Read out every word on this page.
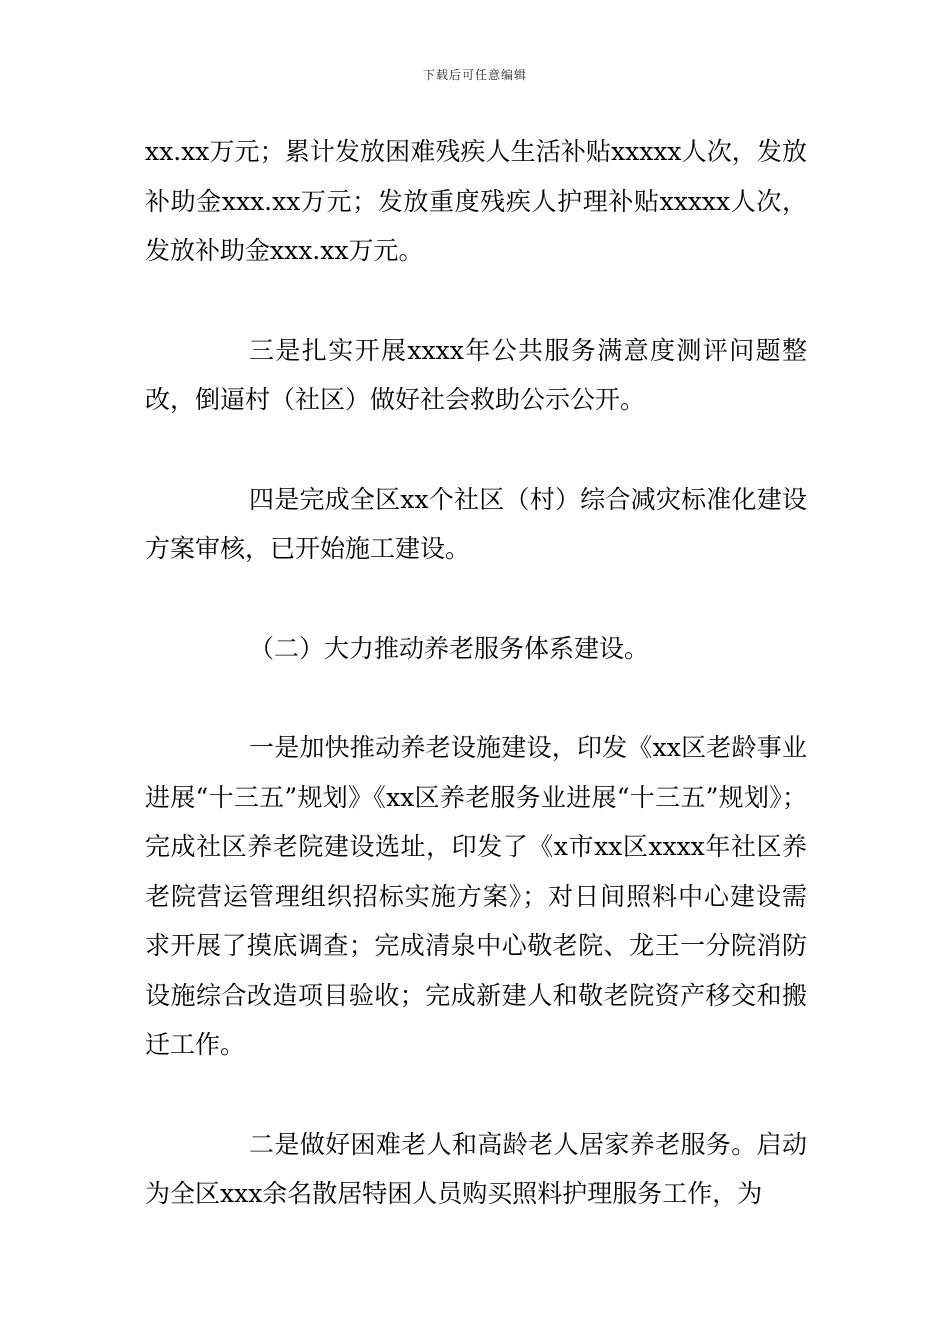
下载后可任意编辑

xx.xx万元；累计发放困难残疾人生活补贴xxxxx人次，发放补助金xxx.xx万元；发放重度残疾人护理补贴xxxxx人次，发放补助金xxx.xx万元。

三是扎实开展xxxx年公共服务满意度测评问题整改，倒逼村（社区）做好社会救助公示公开。

四是完成全区xx个社区（村）综合减灾标准化建设方案审核，已开始施工建设。

（二）大力推动养老服务体系建设。

一是加快推动养老设施建设，印发《xx区老龄事业进展“十三五”规划》《xx区养老服务业进展“十三五”规划》；完成社区养老院建设选址，印发了《x市xx区xxxx年社区养老院营运管理组织招标实施方案》；对日间照料中心建设需求开展了摸底调查；完成清泉中心敬老院、龙王一分院消防设施综合改造项目验收；完成新建人和敬老院资产移交和搬迁工作。

二是做好困难老人和高龄老人居家养老服务。启动为全区xxx余名散居特困人员购买照料护理服务工作，为
